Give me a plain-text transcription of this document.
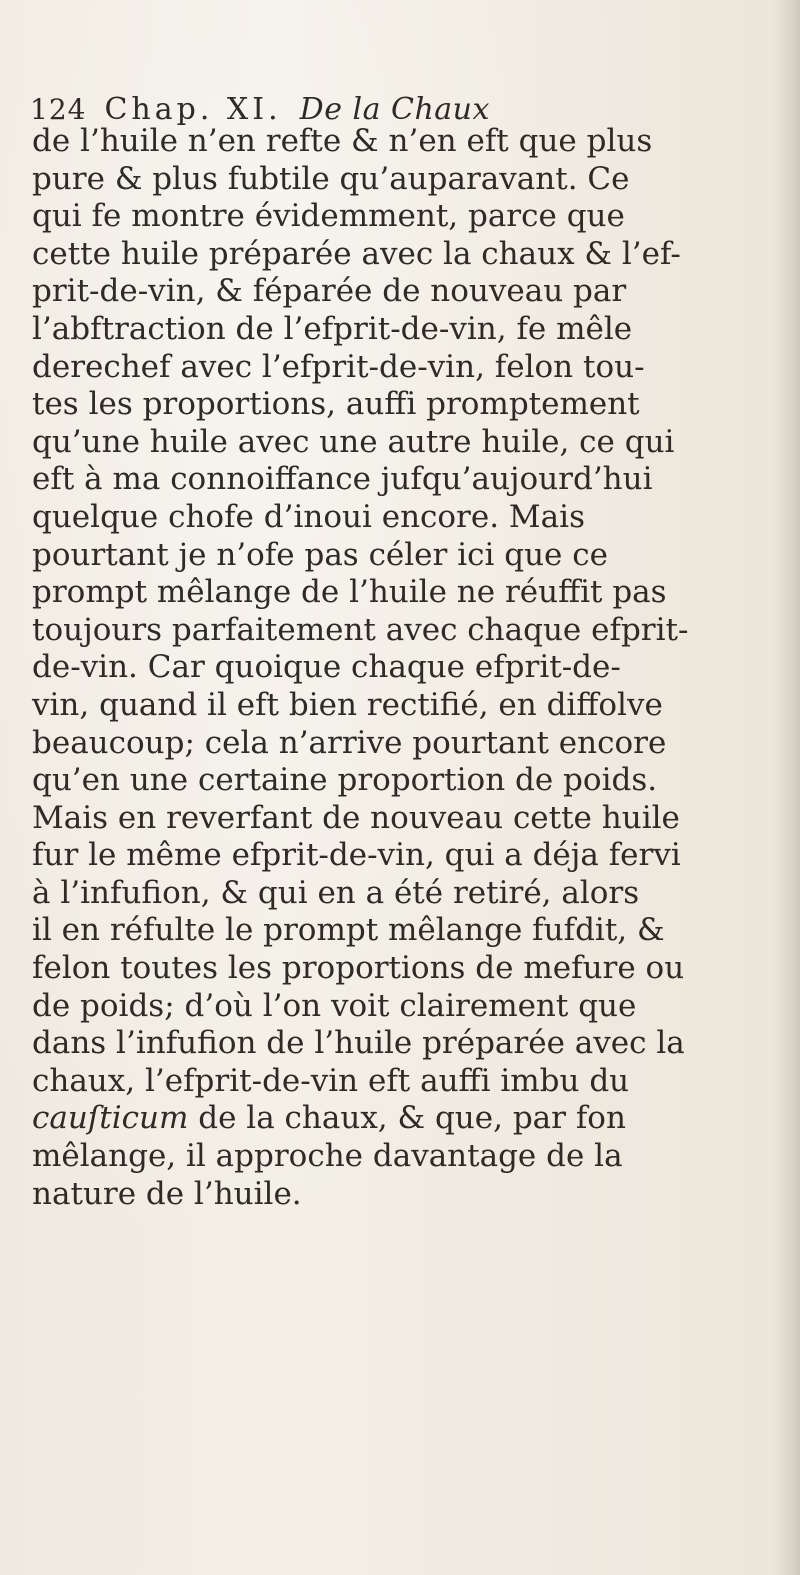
124 Chap. XI. De la Chaux
de l’huile n’en refte & n’en eft que plus
pure & plus fubtile qu’auparavant. Ce
qui fe montre évidemment, parce que
cette huile préparée avec la chaux & l’ef-
prit-de-vin, & féparée de nouveau par
l’abftraction de l’efprit-de-vin, fe mêle
derechef avec l’efprit-de-vin, felon tou-
tes les proportions, auffi promptement
qu’une huile avec une autre huile, ce qui
eft à ma connoiffance jufqu’aujourd’hui
quelque chofe d’inoui encore. Mais
pourtant je n’ofe pas céler ici que ce
prompt mêlange de l’huile ne réuffit pas
toujours parfaitement avec chaque efprit-
de-vin. Car quoique chaque efprit-de-
vin, quand il eft bien rectifié, en diffolve
beaucoup; cela n’arrive pourtant encore
qu’en une certaine proportion de poids.
Mais en reverfant de nouveau cette huile
fur le même efprit-de-vin, qui a déja fervi
à l’infufion, & qui en a été retiré, alors
il en réfulte le prompt mêlange fufdit, &
felon toutes les proportions de mefure ou
de poids; d’où l’on voit clairement que
dans l’infufion de l’huile préparée avec la
chaux, l’efprit-de-vin eft auffi imbu du
cauſticum de la chaux, & que, par fon
mêlange, il approche davantage de la
nature de l’huile.
